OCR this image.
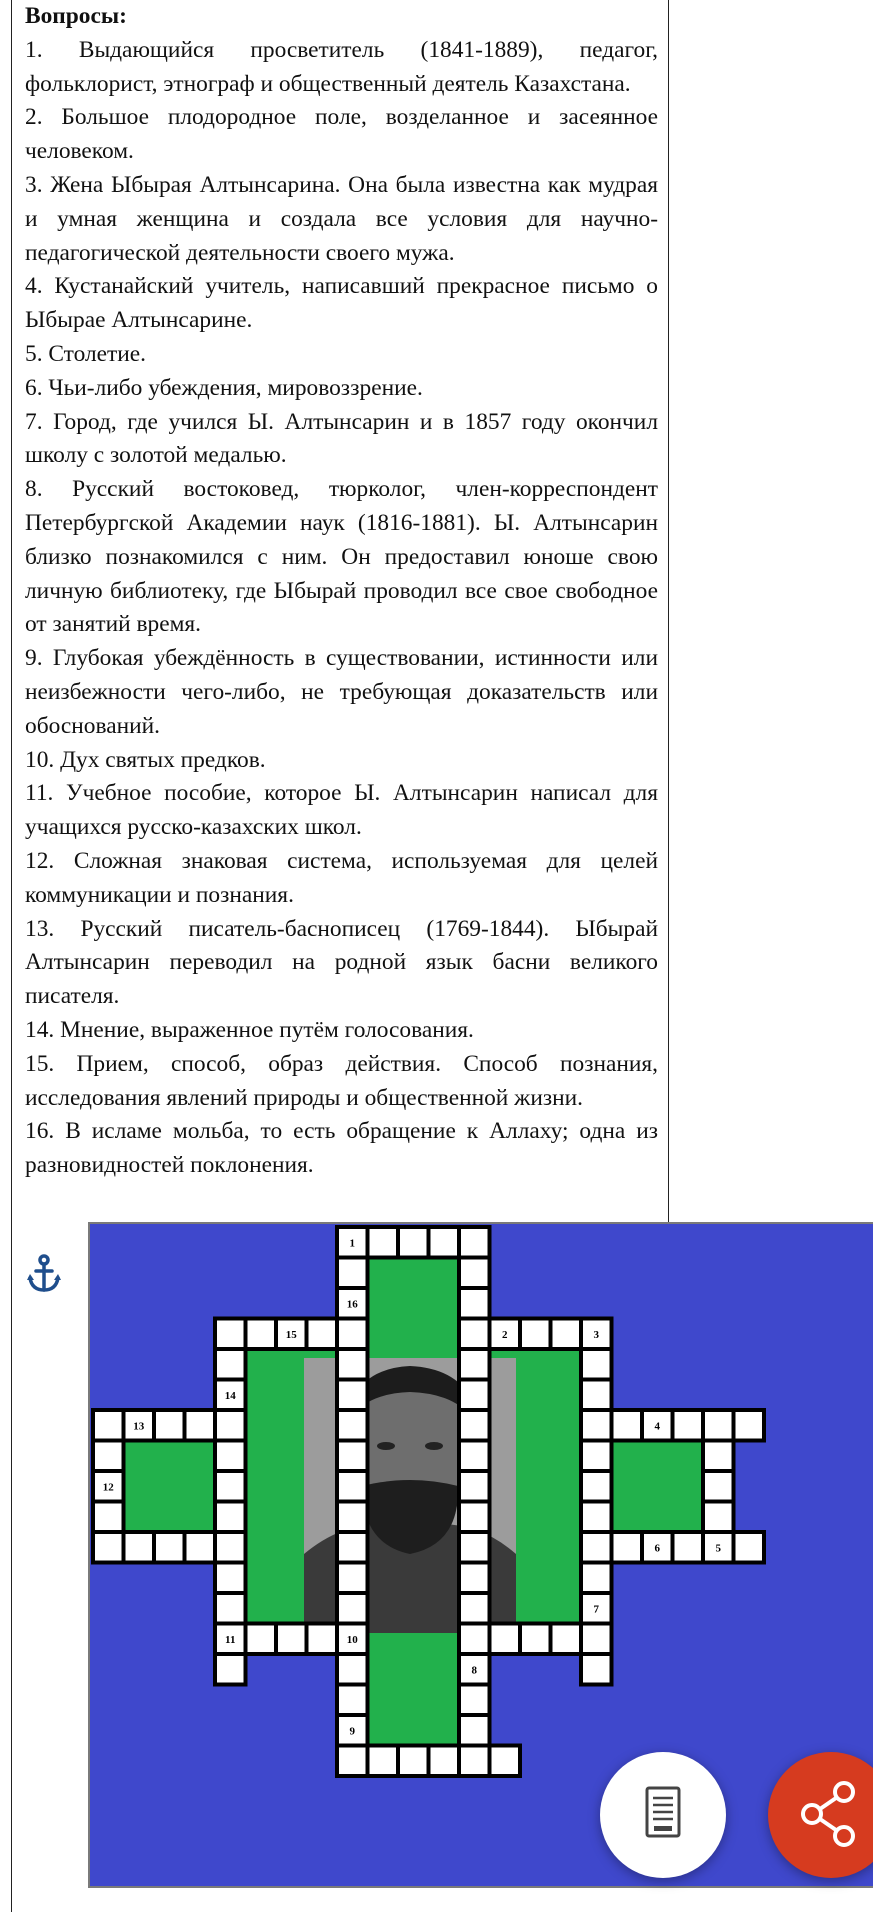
Вопросы:

1. Выдающийся просветитель (1841-1889), педагог, фольклорист, этнограф и общественный деятель Казахстана.

2. Большое плодородное поле, возделанное и засеянное человеком.

3. Жена Ыбырая Алтынсарина. Она была известна как мудрая и умная женщина и создала все условия для научно-педагогической деятельности своего мужа.

4. Кустанайский учитель, написавший прекрасное письмо о Ыбырае Алтынсарине.

5. Столетие.

6. Чьи-либо убеждения, мировоззрение.

7. Город, где учился Ы. Алтынсарин и в 1857 году окончил школу с золотой медалью.

8. Русский востоковед, тюрколог, член-корреспондент Петербургской Академии наук (1816-1881). Ы. Алтынсарин близко познакомился с ним. Он предоставил юноше свою личную библиотеку, где Ыбырай проводил все свое свободное от занятий время.

9. Глубокая убеждённость в существовании, истинности или неизбежности чего-либо, не требующая доказательств или обоснований.

10. Дух святых предков.

11. Учебное пособие, которое Ы. Алтынсарин написал для учащихся русско-казахских школ.

12. Сложная знаковая система, используемая для целей коммуникации и познания.

13. Русский писатель-баснописец (1769-1844). Ыбырай Алтынсарин переводил на родной язык басни великого писателя.

14. Мнение, выраженное путём голосования.

15. Прием, способ, образ действия. Способ познания, исследования явлений природы и общественной жизни.

16. В исламе мольба, то есть обращение к Аллаху; одна из разновидностей поклонения.

1
2	3
4
5
6
7
8
9
10
11
12
13
14
15
16
